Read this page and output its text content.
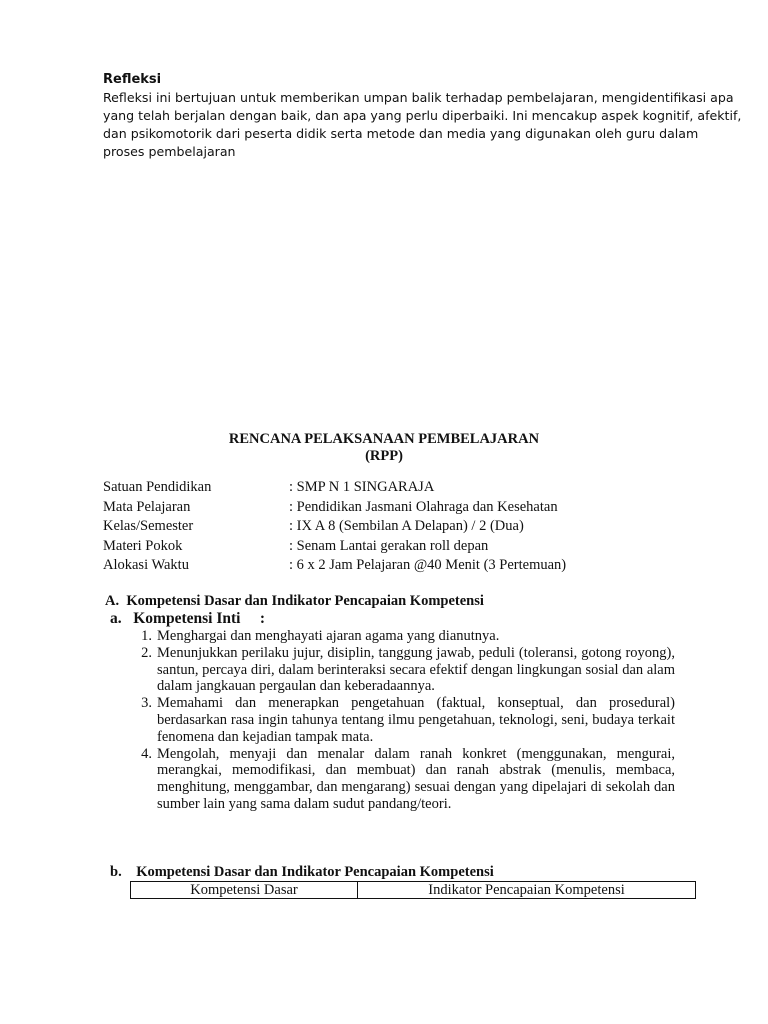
Refleksi

Refleksi ini bertujuan untuk memberikan umpan balik terhadap pembelajaran, mengidentifikasi apa yang telah berjalan dengan baik, dan apa yang perlu diperbaiki. Ini mencakup aspek kognitif, afektif, dan psikomotorik dari peserta didik serta metode dan media yang digunakan oleh guru dalam proses pembelajaran

RENCANA PELAKSANAAN PEMBELAJARAN
(RPP)
Satuan Pendidikan	: SMP N 1 SINGARAJA
Mata Pelajaran	: Pendidikan Jasmani Olahraga dan Kesehatan
Kelas/Semester	: IX A 8 (Sembilan A Delapan) / 2 (Dua)
Materi Pokok	: Senam Lantai gerakan roll depan
Alokasi Waktu	: 6 x 2 Jam Pelajaran @40 Menit (3 Pertemuan)
A.  Kompetensi Dasar dan Indikator Pencapaian Kompetensi
a.   Kompetensi Inti     :
1. Menghargai dan menghayati ajaran agama yang dianutnya.
2. Menunjukkan perilaku jujur, disiplin, tanggung jawab, peduli (toleransi, gotong royong), santun, percaya diri, dalam berinteraksi secara efektif dengan lingkungan sosial dan alam dalam jangkauan pergaulan dan keberadaannya.
3. Memahami dan menerapkan pengetahuan (faktual, konseptual, dan prosedural) berdasarkan rasa ingin tahunya tentang ilmu pengetahuan, teknologi, seni, budaya terkait fenomena dan kejadian tampak mata.
4. Mengolah, menyaji dan menalar dalam ranah konkret (menggunakan, mengurai, merangkai, memodifikasi, dan membuat) dan ranah abstrak (menulis, membaca, menghitung, menggambar, dan mengarang) sesuai dengan yang dipelajari di sekolah dan sumber lain yang sama dalam sudut pandang/teori.
b.    Kompetensi Dasar dan Indikator Pencapaian Kompetensi
Kompetensi Dasar	Indikator Pencapaian Kompetensi
